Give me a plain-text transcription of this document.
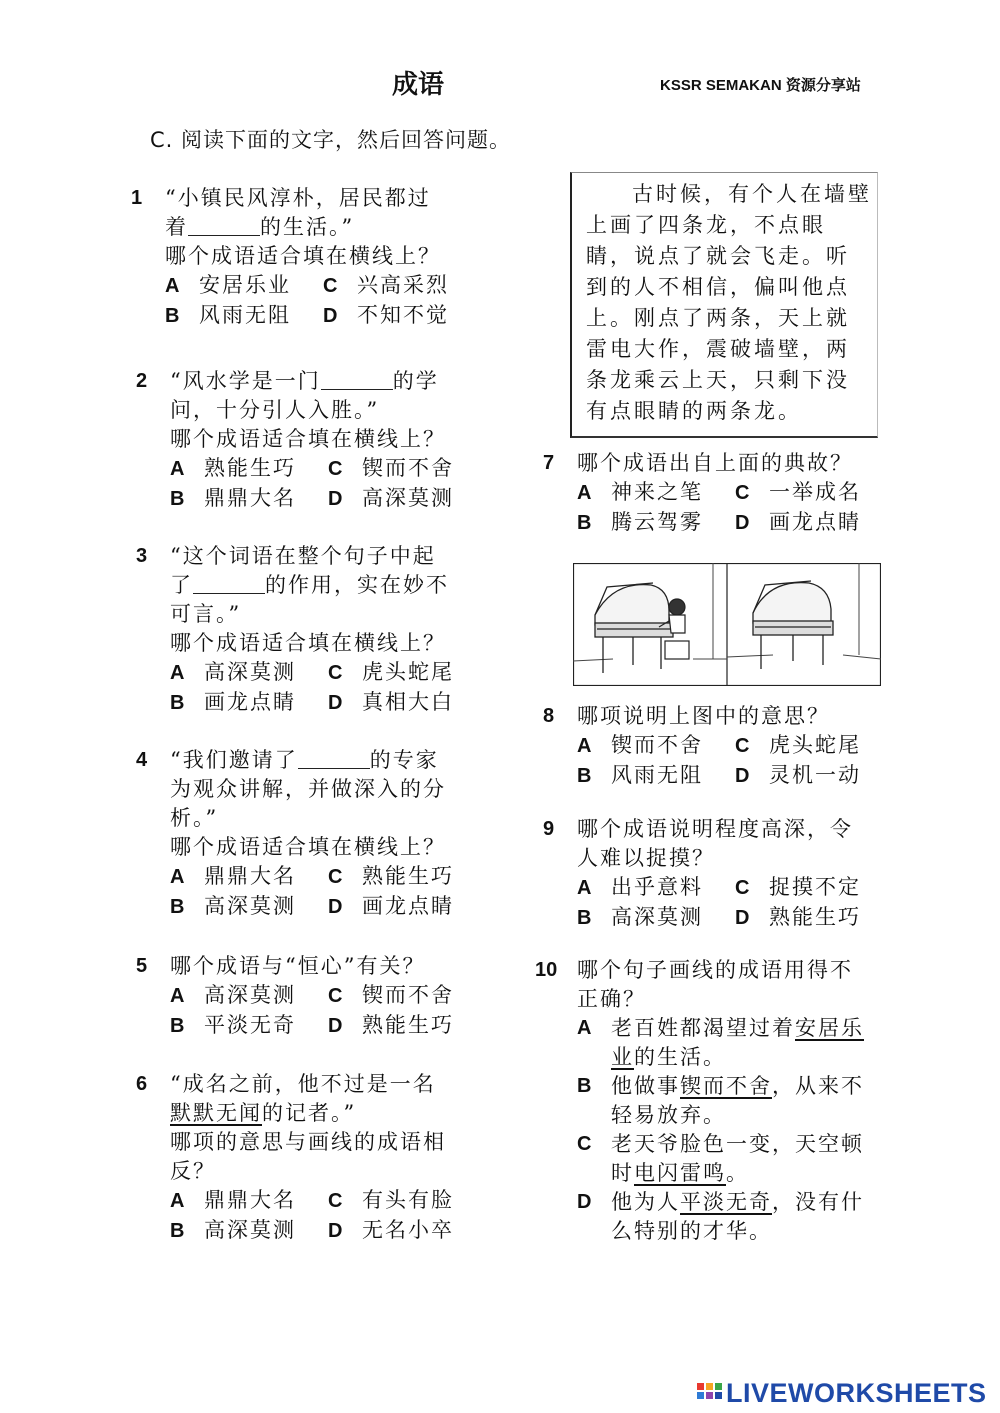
成语	KSSR SEMAKAN 资源分享站
C. 阅读下面的文字，然后回答问题。
1 “小镇民风淳朴，居民都过
着	的生活。”
哪个成语适合填在横线上？
A 安居乐业	C 兴高采烈
B 风雨无阻	D 不知不觉
2 “风水学是一门	的学
问，十分引人入胜。”
哪个成语适合填在横线上？
A 熟能生巧	C 锲而不舍
B 鼎鼎大名	D 高深莫测
3 “这个词语在整个句子中起
了	的作用，实在妙不
可言。”
哪个成语适合填在横线上？
A 高深莫测	C 虎头蛇尾
B 画龙点睛	D 真相大白
4 “我们邀请了	的专家
为观众讲解，并做深入的分
析。”
哪个成语适合填在横线上？
A 鼎鼎大名	C 熟能生巧
B 高深莫测	D 画龙点睛
5 哪个成语与“恒心”有关？
A 高深莫测	C 锲而不舍
B 平淡无奇	D 熟能生巧
6 “成名之前，他不过是一名
默默无闻的记者。”
哪项的意思与画线的成语相
反？
A 鼎鼎大名	C 有头有脸
B 高深莫测	D 无名小卒
古时候，有个人在墙壁上画了四条龙，不点眼睛，说点了就会飞走。听到的人不相信，偏叫他点上。刚点了两条，天上就雷电大作，震破墙壁，两条龙乘云上天，只剩下没有点眼睛的两条龙。
7 哪个成语出自上面的典故？
A 神来之笔	C 一举成名
B 腾云驾雾	D 画龙点睛
8 哪项说明上图中的意思？
A 锲而不舍	C 虎头蛇尾
B 风雨无阻	D 灵机一动
9 哪个成语说明程度高深，令
人难以捉摸？
A 出乎意料	C 捉摸不定
B 高深莫测	D 熟能生巧
10 哪个句子画线的成语用得不
正确？
A 老百姓都渴望过着安居乐业的生活。
B 他做事锲而不舍，从来不轻易放弃。
C 老天爷脸色一变，天空顿时电闪雷鸣。
D 他为人平淡无奇，没有什么特别的才华。
LIVEWORKSHEETS
